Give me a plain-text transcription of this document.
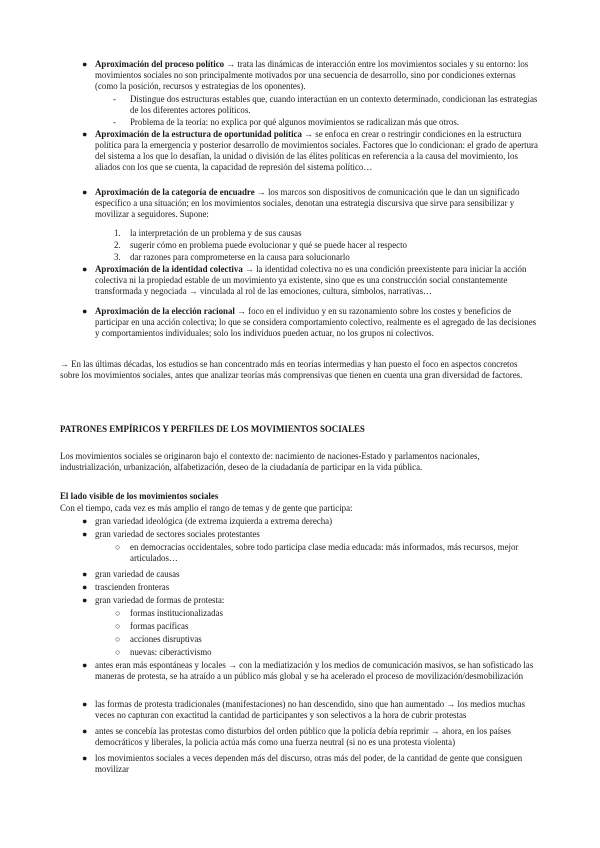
● Aproximación del proceso político → trata las dinámicas de interacción entre los movimientos sociales y su entorno: los movimientos sociales no son principalmente motivados por una secuencia de desarrollo, sino por condiciones externas (como la posición, recursos y estrategias de los oponentes).

- Distingue dos estructuras estables que, cuando interactúan en un contexto determinado, condicionan las estrategias de los diferentes actores políticos.

- Problema de la teoría: no explica por qué algunos movimientos se radicalizan más que otros.

● Aproximación de la estructura de oportunidad política → se enfoca en crear o restringir condiciones en la estructura política para la emergencia y posterior desarrollo de movimientos sociales. Factores que lo condicionan: el grado de apertura del sistema a los que lo desafían, la unidad o división de las élites políticas en referencia a la causa del movimiento, los aliados con los que se cuenta, la capacidad de represión del sistema político…

● Aproximación de la categoría de encuadre → los marcos son dispositivos de comunicación que le dan un significado específico a una situación; en los movimientos sociales, denotan una estrategia discursiva que sirve para sensibilizar y movilizar a seguidores. Supone:

1. la interpretación de un problema y de sus causas

2. sugerir cómo en problema puede evolucionar y qué se puede hacer al respecto

3. dar razones para comprometerse en la causa para solucionarlo

● Aproximación de la identidad colectiva → la identidad colectiva no es una condición preexistente para iniciar la acción colectiva ni la propiedad estable de un movimiento ya existente, sino que es una construcción social constantemente transformada y negociada → vinculada al rol de las emociones, cultura, símbolos, narrativas…

● Aproximación de la elección racional → foco en el individuo y en su razonamiento sobre los costes y beneficios de participar en una acción colectiva; lo que se considera comportamiento colectivo, realmente es el agregado de las decisiones y comportamientos individuales; solo los individuos pueden actuar, no los grupos ni colectivos.

→ En las últimas décadas, los estudios se han concentrado más en teorías intermedias y han puesto el foco en aspectos concretos sobre los movimientos sociales, antes que analizar teorías más comprensivas que tienen en cuenta una gran diversidad de factores.

PATRONES EMPÍRICOS Y PERFILES DE LOS MOVIMIENTOS SOCIALES

Los movimientos sociales se originaron bajo el contexto de: nacimiento de naciones-Estado y parlamentos nacionales, industrialización, urbanización, alfabetización, deseo de la ciudadanía de participar en la vida pública.

El lado visible de los movimientos sociales

Con el tiempo, cada vez es más amplio el rango de temas y de gente que participa:

● gran variedad ideológica (de extrema izquierda a extrema derecha)

● gran variedad de sectores sociales protestantes

○ en democracias occidentales, sobre todo participa clase media educada: más informados, más recursos, mejor articulados…

● gran variedad de causas

● trascienden fronteras

● gran variedad de formas de protesta:

○ formas institucionalizadas

○ formas pacíficas

○ acciones disruptivas

○ nuevas: ciberactivismo

● antes eran más espontáneas y locales → con la mediatización y los medios de comunicación masivos, se han sofisticado las maneras de protesta, se ha atraído a un público más global y se ha acelerado el proceso de movilización/desmobilización

● las formas de protesta tradicionales (manifestaciones) no han descendido, sino que han aumentado → los medios muchas veces no capturan con exactitud la cantidad de participantes y son selectivos a la hora de cubrir protestas

● antes se concebía las protestas como disturbios del orden público que la policía debía reprimir → ahora, en los países democráticos y liberales, la policía actúa más como una fuerza neutral (si no es una protesta violenta)

● los movimientos sociales a veces dependen más del discurso, otras más del poder, de la cantidad de gente que consiguen movilizar
